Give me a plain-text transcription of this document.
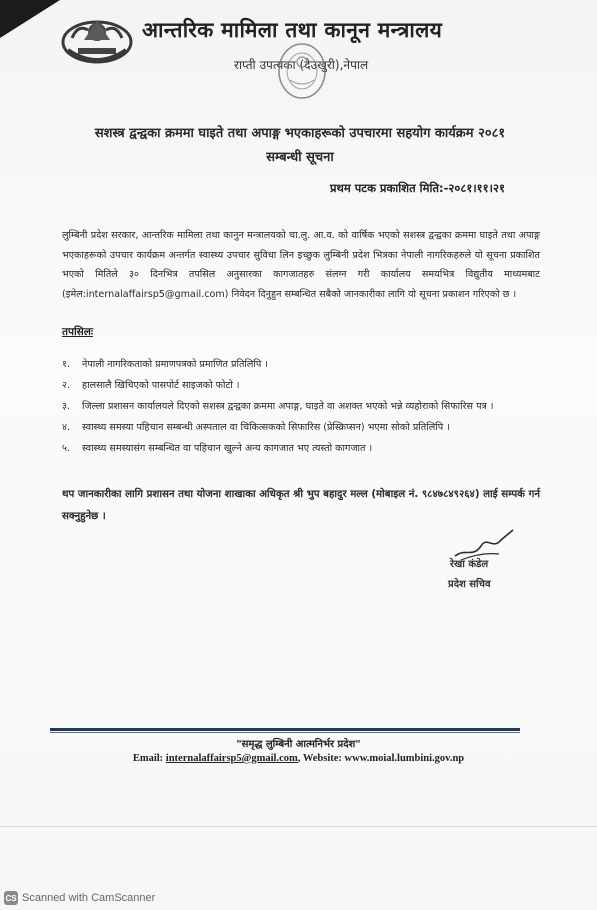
आन्तरिक मामिला तथा कानून मन्त्रालय
राप्ती उपत्यका (देउखुरी),नेपाल
सशस्त्र द्वन्द्वका क्रममा घाइते तथा अपाङ्ग भएकाहरूको उपचारमा सहयोग कार्यक्रम २०८१
सम्बन्धी सूचना
प्रथम पटक प्रकाशित मिति:-२०८१।११।२१
लुम्बिनी प्रदेश सरकार, आन्तरिक मामिला तथा कानुन मन्त्रालयको चा.लु. आ.व. को वार्षिक भएको सशस्त्र द्वन्द्वका क्रममा घाइते तथा अपाङ्ग भएकाहरूको उपचार कार्यक्रम अन्तर्गत स्वास्थ्य उपचार सुविधा लिन इच्छुक लुम्बिनी प्रदेश भित्रका नेपाली नागरिकहरुले यो सूचना प्रकाशित भएको मितिले ३० दिनभित्र तपसिल अनुसारका कागजातहरु संलग्न गरी कार्यालय समयभित्र विद्युतीय माध्यमबाट (इमेल:internalaffairsp5@gmail.com) निवेदन दिनुहुन सम्बन्धित सबैको जानकारीका लागि यो सूचना प्रकाशन गरिएको छ ।
तपसिलः
१. नेपाली नागरिकताको प्रमाणपत्रको प्रमाणित प्रतिलिपि ।
२. हालसालै खिचिएको पासपोर्ट साइजको फोटो ।
३. जिल्ला प्रशासन कार्यालयले दिएको सशस्त्र द्वन्द्वका क्रममा अपाङ्ग, घाइते वा अशक्त भएको भन्ने व्यहोराको सिफारिस पत्र ।
४. स्वास्थ्य समस्या पहिचान सम्बन्धी अस्पताल वा चिकित्सकको सिफारिस (प्रेस्क्रिप्सन) भएमा सोको प्रतिलिपि ।
५. स्वास्थ्य समस्यासंग सम्बन्धित वा पहिचान खुल्ने अन्य कागजात भए त्यस्तो कागजात ।
थप जानकारीका लागि प्रशासन तथा योजना शाखाका अधिकृत श्री भुप बहादुर मल्ल (मोबाइल नं. ९८४७८४९२६४) लाई सम्पर्क गर्न सक्नुहुनेछ ।
रेखा कंडेल
प्रदेश सचिव
"समृद्ध लुम्बिनी आत्मनिर्भर प्रदेश"
Email: internalaffairsp5@gmail.com, Website: www.moial.lumbini.gov.np
CS Scanned with CamScanner
